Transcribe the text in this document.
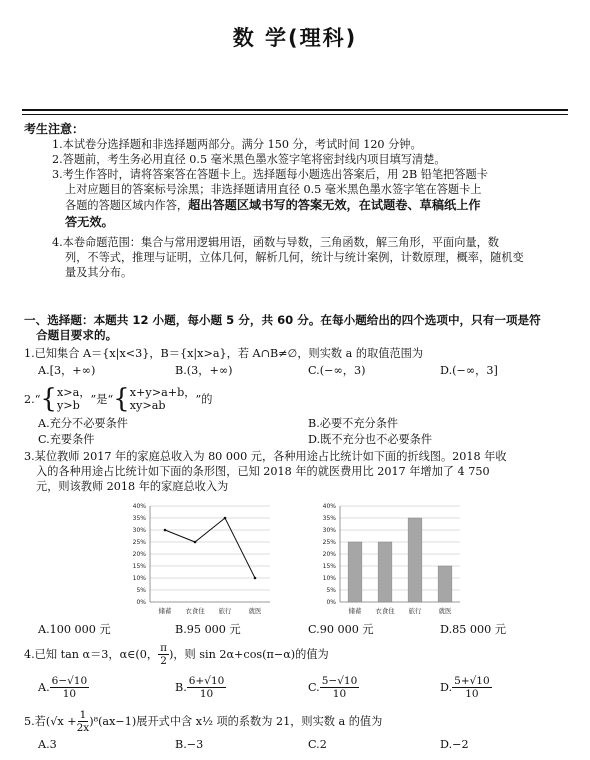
数 学(理科)
考生注意：
1.本试卷分选择题和非选择题两部分。满分 150 分，考试时间 120 分钟。
2.答题前，考生务必用直径 0.5 毫米黑色墨水签字笔将密封线内项目填写清楚。
3.考生作答时，请将答案答在答题卡上。选择题每小题选出答案后，用 2B 铅笔把答题卡
上对应题目的答案标号涂黑；非选择题请用直径 0.5 毫米黑色墨水签字笔在答题卡上
各题的答题区域内作答，超出答题区域书写的答案无效，在试题卷、草稿纸上作
答无效。
4.本卷命题范围：集合与常用逻辑用语，函数与导数，三角函数，解三角形，平面向量，数
列，不等式，推理与证明，立体几何，解析几何，统计与统计案例，计数原理，概率，随机变
量及其分布。
一、选择题：本题共 12 小题，每小题 5 分，共 60 分。在每小题给出的四个选项中，只有一项是符
合题目要求的。
1.已知集合 A＝{x|x<3}，B＝{x|x>a}，若 A∩B≠∅，则实数 a 的取值范围为
A.[3，+∞)	B.(3，+∞)	C.(−∞，3)	D.(−∞，3]
2. “ { x>a，
y>b ” 是“ { x+y>a+b，
xy>ab	”的
A.充分不必要条件	B.必要不充分条件
C.充要条件	D.既不充分也不必要条件
3.某位教师 2017 年的家庭总收入为 80 000 元，各种用途占比统计如下面的折线图。2018 年收
入的各种用途占比统计如下面的条形图，已知 2018 年的就医费用比 2017 年增加了 4 750
元，则该教师 2018 年的家庭总收入为
0%
5%
10%
15%
20%
25%
30%
35%
40%
储蓄 衣食住 旅行	就医
0%
5%
10%
15%
20%
25%
30%
35%
40%
储蓄 衣食住 旅行	就医
A.100 000 元	B.95 000 元	C.90 000 元	D.85 000 元
4.已知 tan α＝3，α∈(0， $\frac{\pi}{2}$ )，则 sin 2α+cos(π−α)的值为
A. $\frac{6-√10}{10}$	B. $\frac{6+√10}{10}$	C. $\frac{5-√10}{10}$	D. $\frac{5+√10}{10}$
5.若$(√x + \frac{1}{2x} )^8(ax-1)$展开式中含 x½ 项的系数为 21，则实数 a 的值为
A.3	B.−3	C.2	D.−2
